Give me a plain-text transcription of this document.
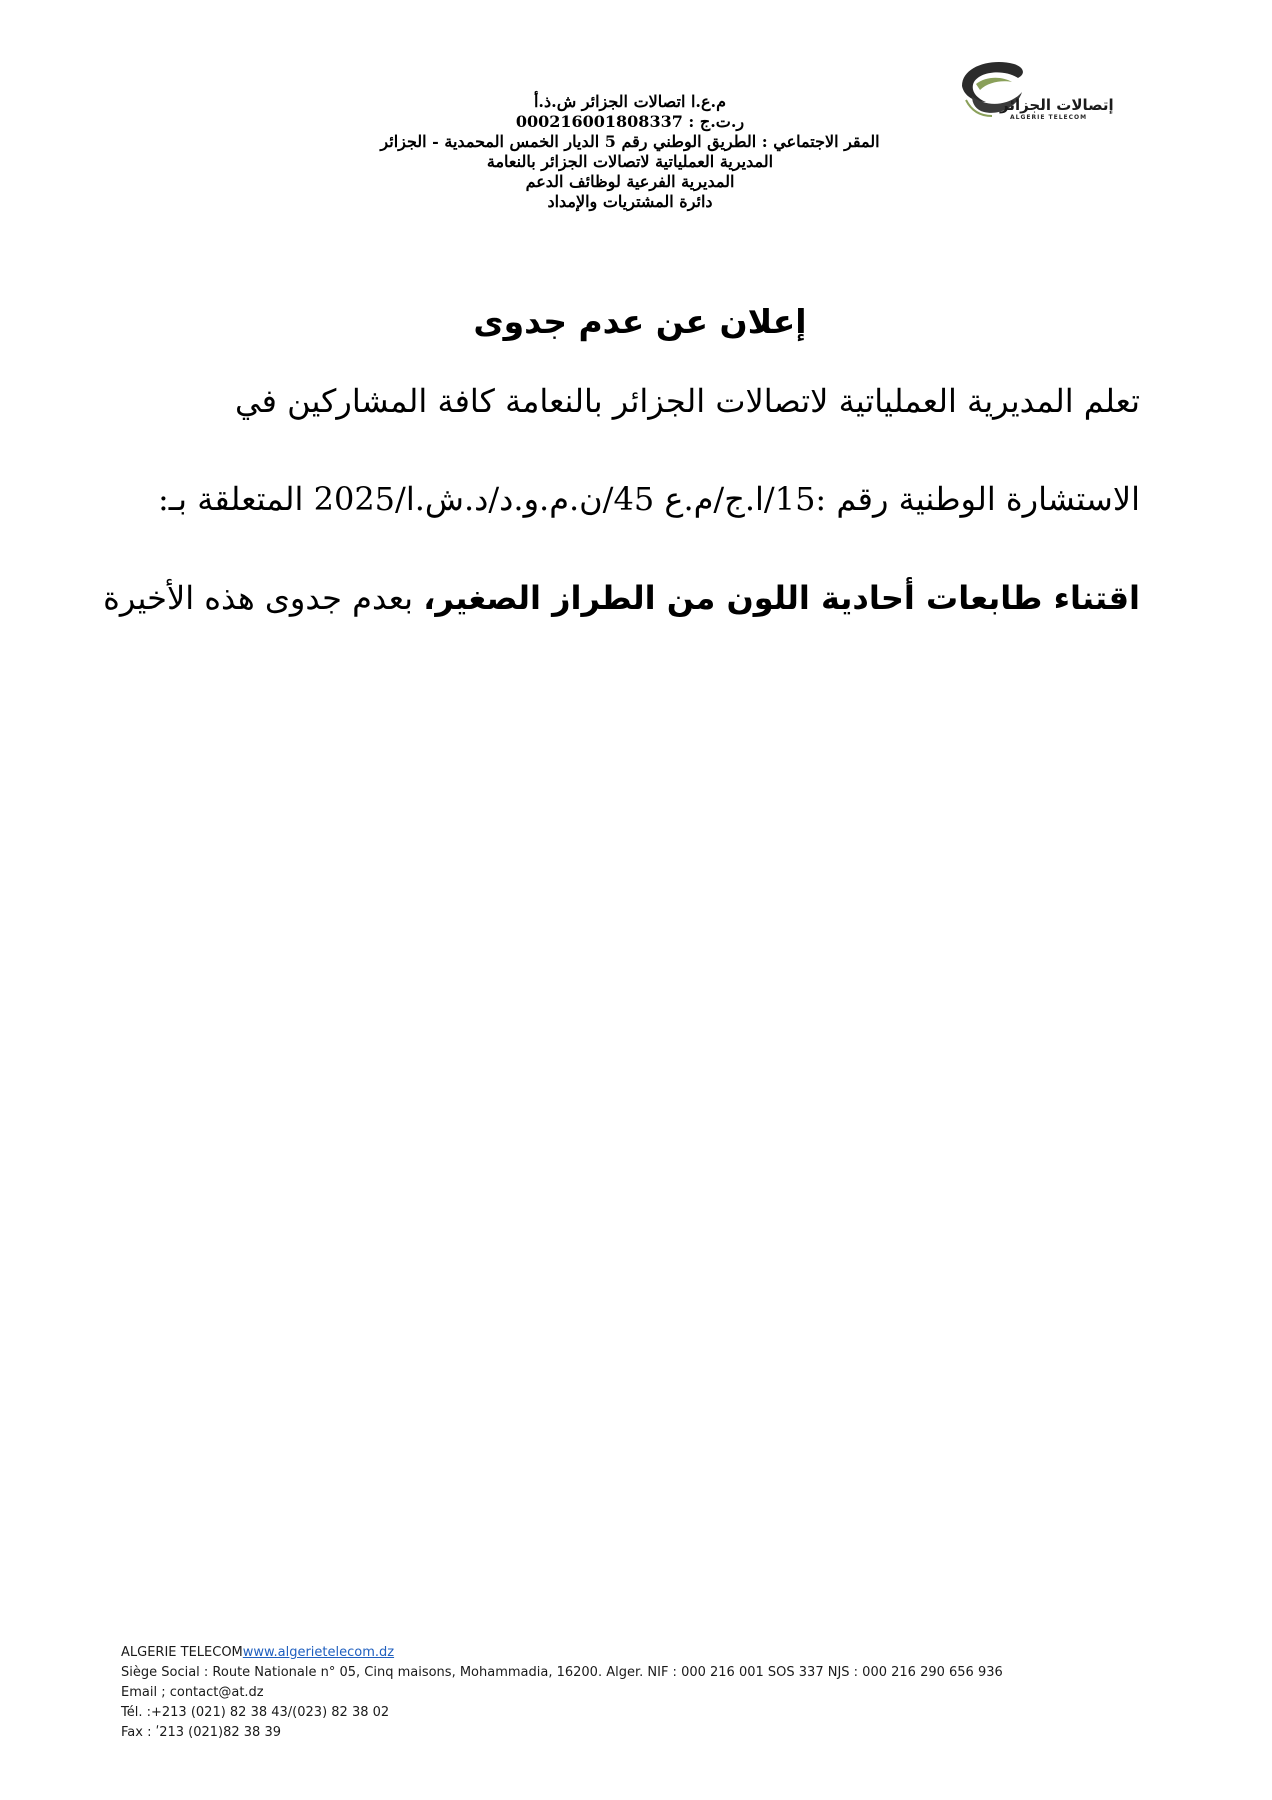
إتصالات الجزائر
ALGERIE TELECOM
م.ع.ا اتصالات الجزائر ش.ذ.أ
ر.ت.ج : 000216001808337
المقر الاجتماعي : الطريق الوطني رقم 5 الديار الخمس المحمدية - الجزائر
المديرية العملياتية لاتصالات الجزائر بالنعامة
المديرية الفرعية لوظائف الدعم
دائرة المشتريات والإمداد
إعلان عن عدم جدوى
تعلم المديرية العملياتية لاتصالات الجزائر بالنعامة كافة المشاركين في
الاستشارة الوطنية رقم :15/ا.ج/م.ع 45/ن.م.و.د/د.ش.ا/2025 المتعلقة بـ:
اقتناء طابعات أحادية اللون من الطراز الصغير، بعدم جدوى هذه الأخيرة
ALGERIE TELECOMwww.algerietelecom.dz
Siège Social : Route Nationale n° 05, Cinq maisons, Mohammadia, 16200. Alger. NIF : 000 216 001 SOS 337 NJS : 000 216 290 656 936
Email ; contact@at.dz
Tél. :+213 (021) 82 38 43/(023) 82 38 02
Fax : ʹ213 (021)82 38 39
